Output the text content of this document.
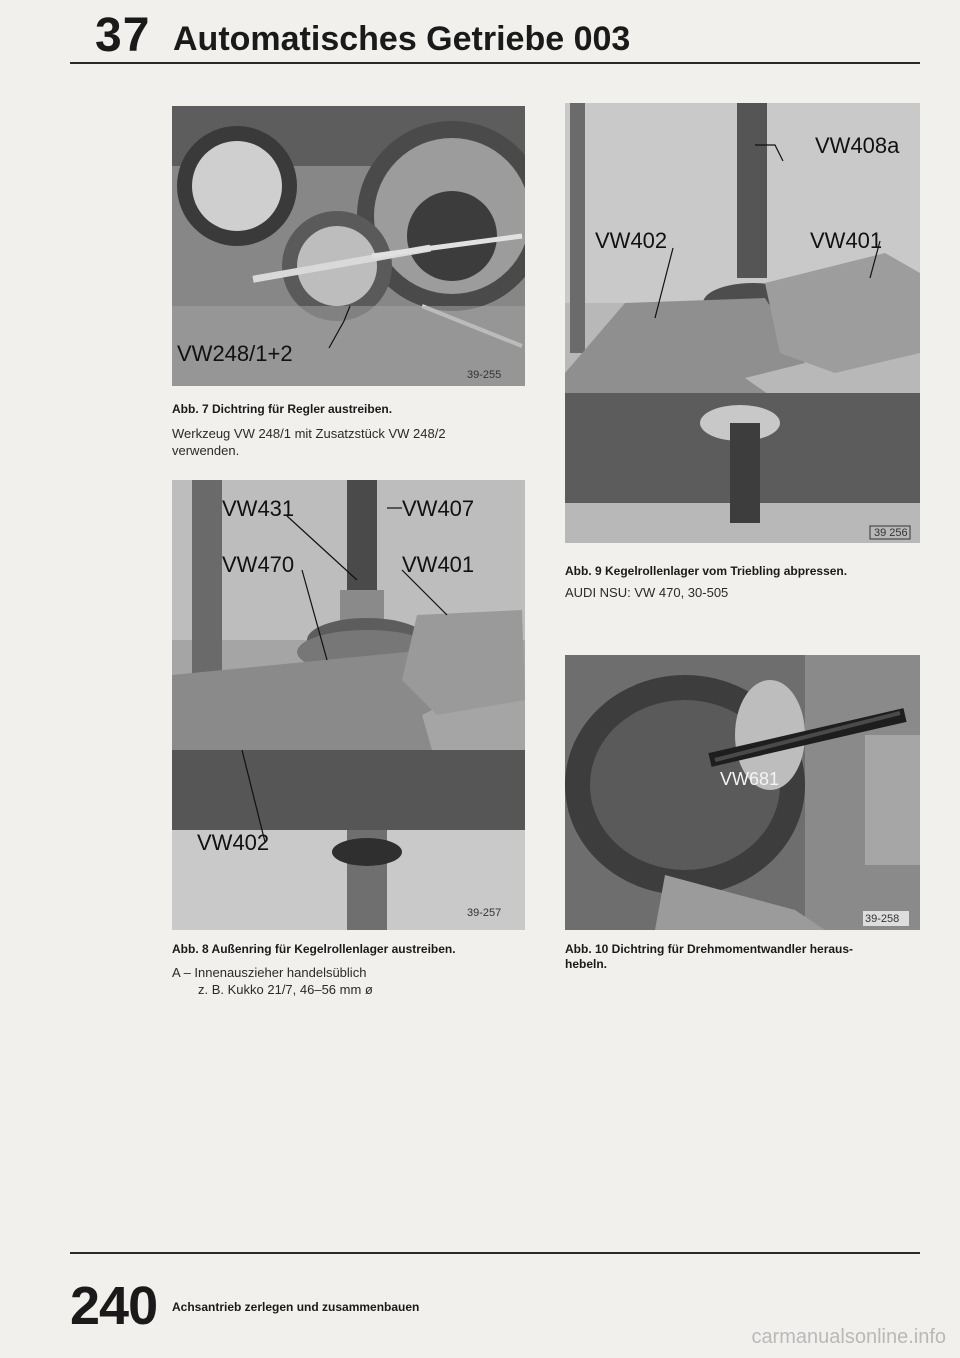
37 Automatisches Getriebe 003
VW248/1+2
39-255
Abb. 7 Dichtring für Regler austreiben.
Werkzeug VW 248/1 mit Zusatzstück VW 248/2
verwenden.
VW431	VW407
VW470	VW401
VW402
39-257
Abb. 8 Außenring für Kegelrollenlager austreiben.
A – Innenauszieher handelsüblich
z. B. Kukko 21/7, 46–56 mm ø
VW408a
VW402	VW401
39 256
Abb. 9 Kegelrollenlager vom Triebling abpressen.
AUDI NSU: VW 470, 30-505
VW681
39-258
Abb. 10 Dichtring für Drehmomentwandler heraus-
hebeln.
240 Achsantrieb zerlegen und zusammenbauen
carmanualsonline.info
